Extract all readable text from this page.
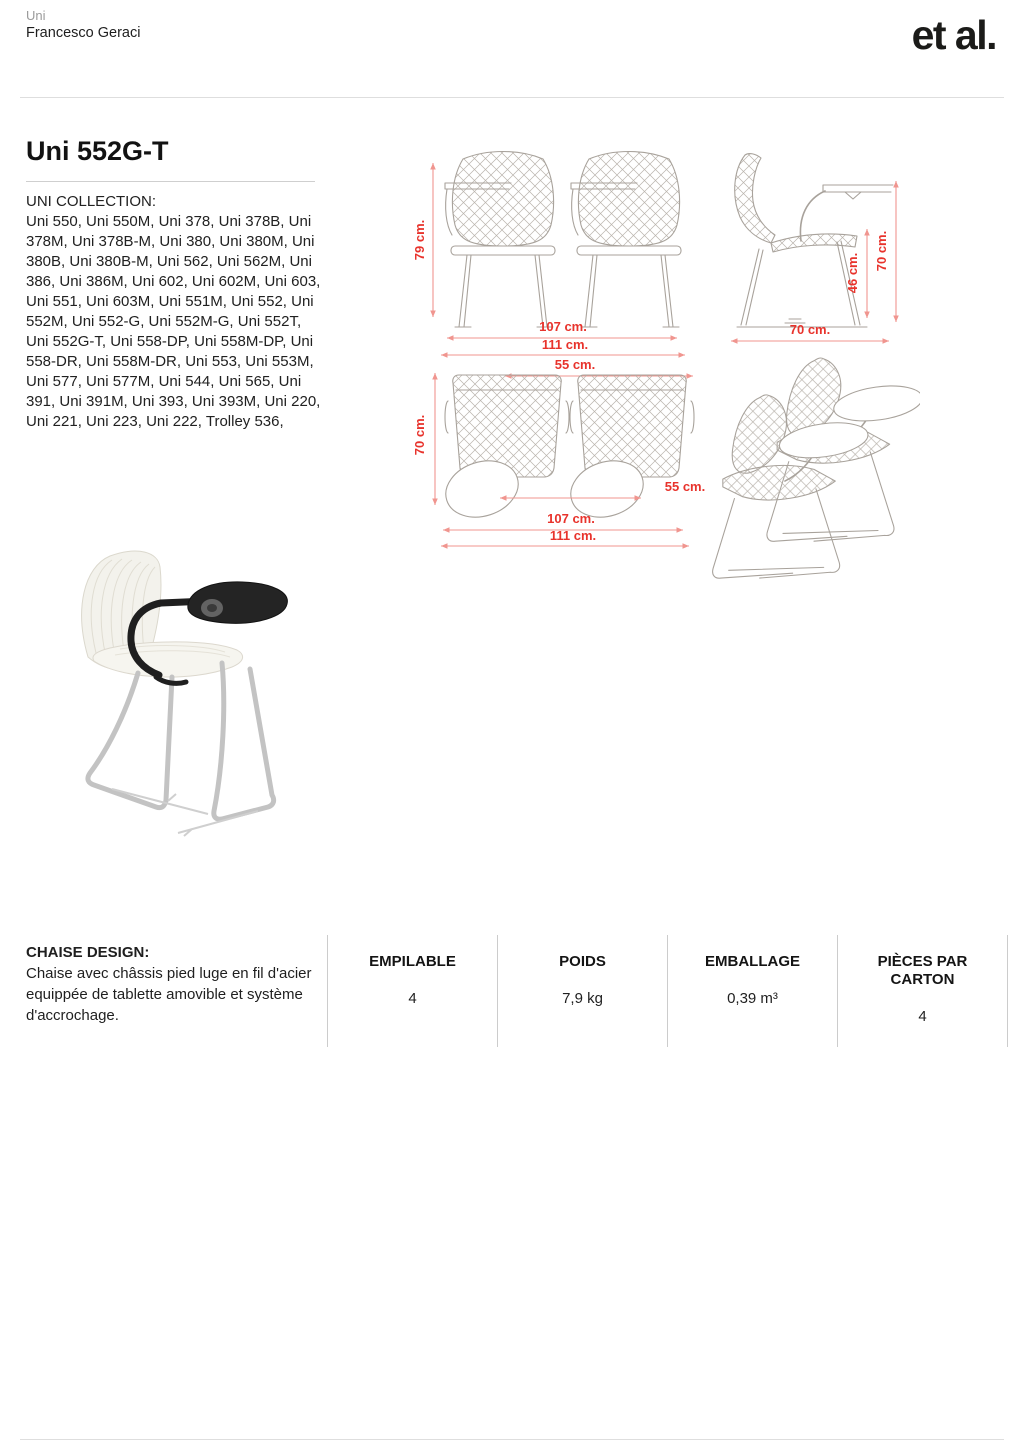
Uni
Francesco Geraci	et al.
Uni 552G-T
UNI COLLECTION:
Uni 550, Uni 550M, Uni 378, Uni 378B, Uni 378M, Uni 378B-M, Uni 380, Uni 380M, Uni 380B, Uni 380B-M, Uni 562, Uni 562M, Uni 386, Uni 386M, Uni 602, Uni 602M, Uni 603, Uni 551, Uni 603M, Uni 551M, Uni 552, Uni 552M, Uni 552-G, Uni 552M-G, Uni 552T, Uni 552G-T, Uni 558-DP, Uni 558M-DP, Uni 558-DR, Uni 558M-DR, Uni 553, Uni 553M, Uni 577, Uni 577M, Uni 544, Uni 565, Uni 391, Uni 391M, Uni 393, Uni 393M, Uni 220, Uni 221, Uni 223, Uni 222, Trolley 536,
79 cm.
107 cm.
111 cm.
46 cm.
70 cm.
70 cm.
55 cm.
70 cm.
55 cm.
107 cm.
111 cm.
CHAISE DESIGN:
Chaise avec châssis pied luge en fil d'acier equippée de tablette amovible et système d'accrochage.
EMPILABLE
4
POIDS
7,9 kg
EMBALLAGE
0,39 m³
PIÈCES PAR CARTON
4
